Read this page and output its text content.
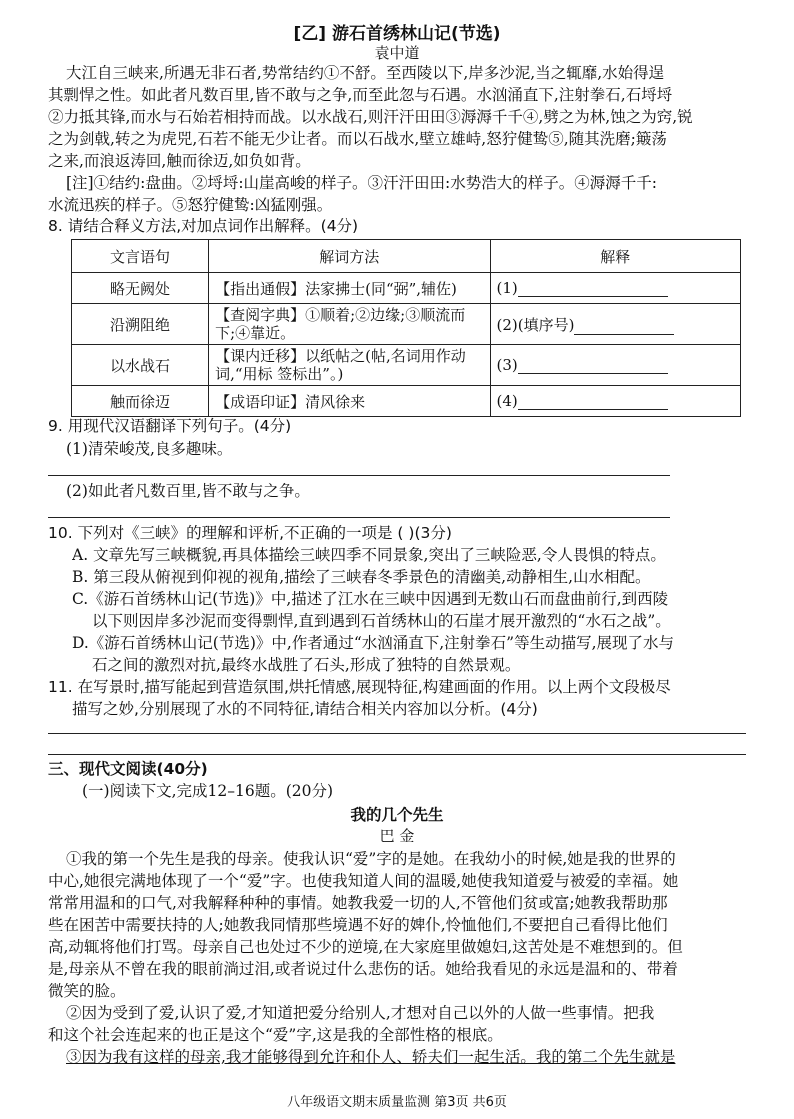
[乙] 游石首绣林山记(节选)
袁中道
大江自三峡来,所遇无非石者,势常结约①不舒。至西陵以下,岸多沙泥,当之辄靡,水始得逞
其剽悍之性。如此者凡数百里,皆不敢与之争,而至此忽与石遇。水汹涌直下,注射拳石,石埒埒
②力抵其锋,而水与石始若相持而战。以水战石,则汗汗田田③溽溽千千④,劈之为林,蚀之为窍,锐
之为剑戟,转之为虎兕,石若不能无少让者。而以石战水,壁立雄峙,怒狞健鸷⑤,随其洗磨;簸荡
之来,而浪返涛回,触而徐迈,如负如背。
[注]①结约:盘曲。②埒埒:山崖高峻的样子。③汗汗田田:水势浩大的样子。④溽溽千千:
水流迅疾的样子。⑤怒狞健鸷:凶猛刚强。
8. 请结合释义方法,对加点词作出解释。(4分)
文言语句	解词方法	解释
略无阙处	【指出通假】法家拂士(同“弼”,辅佐)	(1)
沿溯阻绝	【查阅字典】①顺着;②边缘;③顺流而下;④靠近。	(2)(填序号)
以水战石	【课内迁移】以纸帖之(帖,名词用作动词,“用标 签标出”。)	(3)
触而徐迈	【成语印证】清风徐来	(4)
9. 用现代汉语翻译下列句子。(4分)
(1)清荣峻茂,良多趣味。
(2)如此者凡数百里,皆不敢与之争。
10. 下列对《三峡》的理解和评析,不正确的一项是 ( )(3分)
A. 文章先写三峡概貌,再具体描绘三峡四季不同景象,突出了三峡险恶,令人畏惧的特点。
B. 第三段从俯视到仰视的视角,描绘了三峡春冬季景色的清幽美,动静相生,山水相配。
C.《游石首绣林山记(节选)》中,描述了江水在三峡中因遇到无数山石而盘曲前行,到西陵
以下则因岸多沙泥而变得剽悍,直到遇到石首绣林山的石崖才展开激烈的“水石之战”。
D.《游石首绣林山记(节选)》中,作者通过“水汹涌直下,注射拳石”等生动描写,展现了水与
石之间的激烈对抗,最终水战胜了石头,形成了独特的自然景观。
11. 在写景时,描写能起到营造氛围,烘托情感,展现特征,构建画面的作用。以上两个文段极尽
描写之妙,分别展现了水的不同特征,请结合相关内容加以分析。(4分)
三、现代文阅读(40分)
(一)阅读下文,完成12–16题。(20分)
我的几个先生
巴 金
①我的第一个先生是我的母亲。使我认识“爱”字的是她。在我幼小的时候,她是我的世界的
中心,她很完满地体现了一个“爱”字。也使我知道人间的温暖,她使我知道爱与被爱的幸福。她
常常用温和的口气,对我解释种种的事情。她教我爱一切的人,不管他们贫或富;她教我帮助那
些在困苦中需要扶持的人;她教我同情那些境遇不好的婢仆,怜恤他们,不要把自己看得比他们
高,动辄将他们打骂。母亲自己也处过不少的逆境,在大家庭里做媳妇,这苦处是不难想到的。但
是,母亲从不曾在我的眼前淌过泪,或者说过什么悲伤的话。她给我看见的永远是温和的、带着
微笑的脸。
②因为受到了爱,认识了爱,才知道把爱分给别人,才想对自己以外的人做一些事情。把我
和这个社会连起来的也正是这个“爱”字,这是我的全部性格的根底。
③因为我有这样的母亲,我才能够得到允许和仆人、轿夫们一起生活。我的第二个先生就是
八年级语文期末质量监测 第3页 共6页
